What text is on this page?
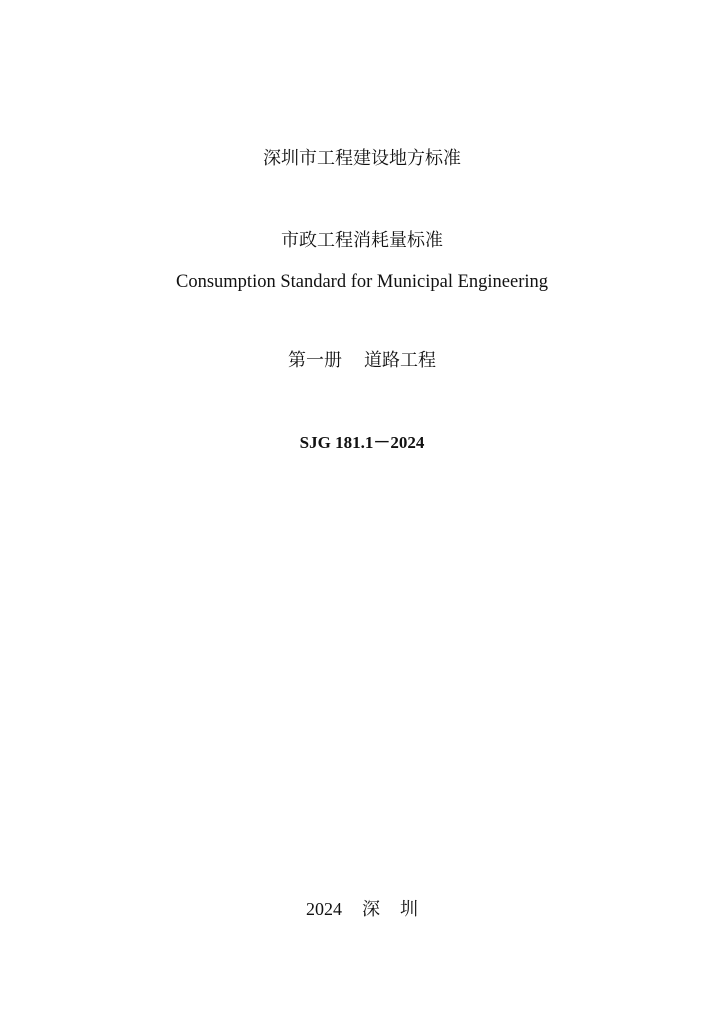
深圳市工程建设地方标准
市政工程消耗量标准
Consumption Standard for Municipal Engineering
第一册 道路工程
SJG 181.1－2024
2024 深 圳
